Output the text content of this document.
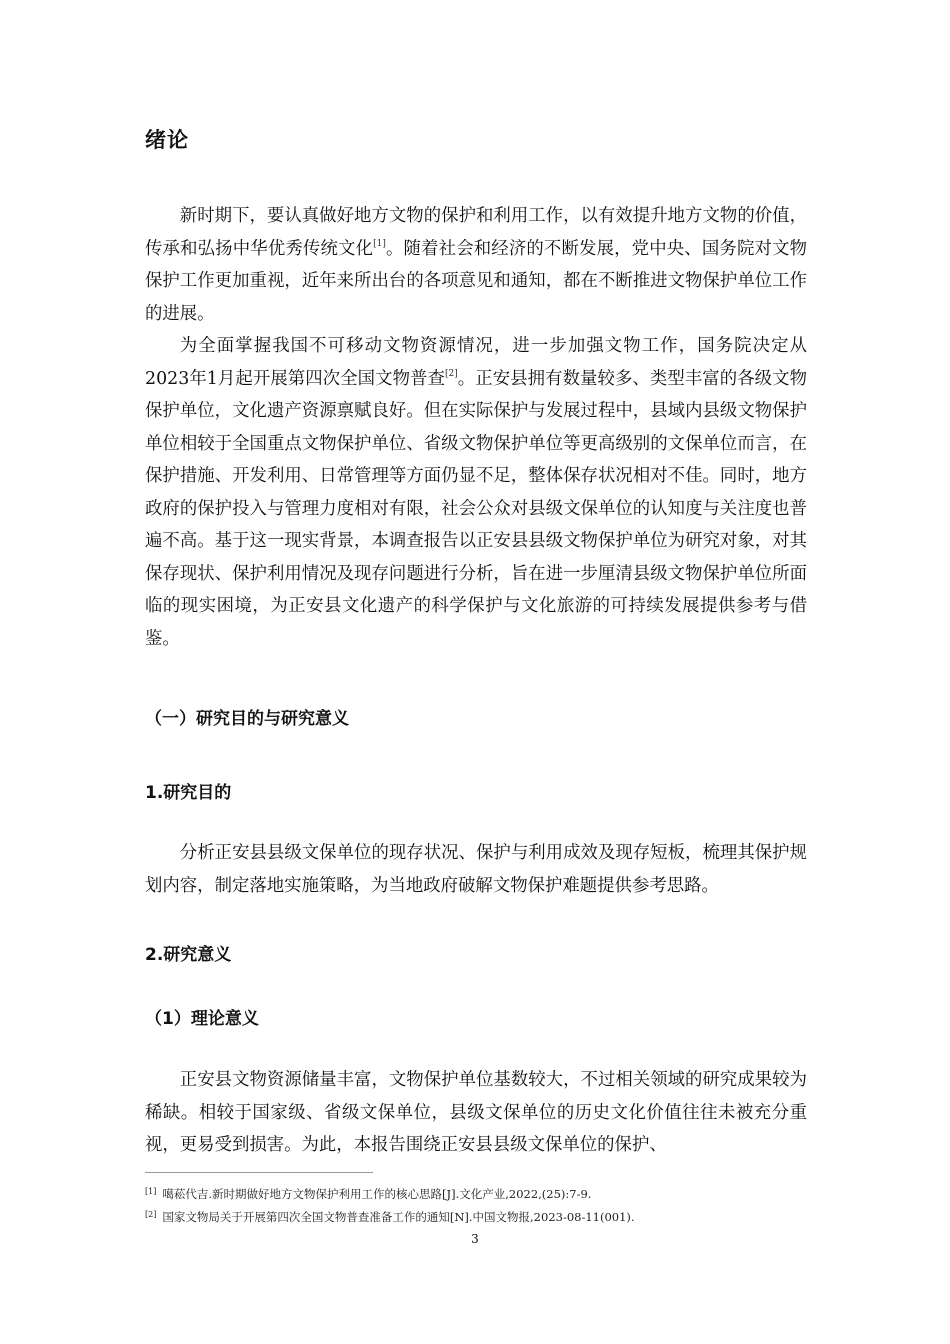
绪论

新时期下，要认真做好地方文物的保护和利用工作，以有效提升地方文物的价值，传承和弘扬中华优秀传统文化[1]。随着社会和经济的不断发展，党中央、国务院对文物保护工作更加重视，近年来所出台的各项意见和通知，都在不断推进文物保护单位工作的进展。

为全面掌握我国不可移动文物资源情况，进一步加强文物工作，国务院决定从2023年1月起开展第四次全国文物普查[2]。正安县拥有数量较多、类型丰富的各级文物保护单位，文化遗产资源禀赋良好。但在实际保护与发展过程中，县域内县级文物保护单位相较于全国重点文物保护单位、省级文物保护单位等更高级别的文保单位而言，在保护措施、开发利用、日常管理等方面仍显不足，整体保存状况相对不佳。同时，地方政府的保护投入与管理力度相对有限，社会公众对县级文保单位的认知度与关注度也普遍不高。基于这一现实背景，本调查报告以正安县县级文物保护单位为研究对象，对其保存现状、保护利用情况及现存问题进行分析，旨在进一步厘清县级文物保护单位所面临的现实困境，为正安县文化遗产的科学保护与文化旅游的可持续发展提供参考与借鉴。

（一）研究目的与研究意义
1.研究目的

分析正安县县级文保单位的现存状况、保护与利用成效及现存短板，梳理其保护规划内容，制定落地实施策略，为当地政府破解文物保护难题提供参考思路。

2.研究意义
（1）理论意义

正安县文物资源储量丰富，文物保护单位基数较大，不过相关领域的研究成果较为稀缺。相较于国家级、省级文保单位，县级文保单位的历史文化价值往往未被充分重视，更易受到损害。为此，本报告围绕正安县县级文保单位的保护、

[1] 噶菘代吉.新时期做好地方文物保护利用工作的核心思路[J].文化产业,2022,(25):7-9.
[2] 国家文物局关于开展第四次全国文物普查准备工作的通知[N].中国文物报,2023-08-11(001).
3
